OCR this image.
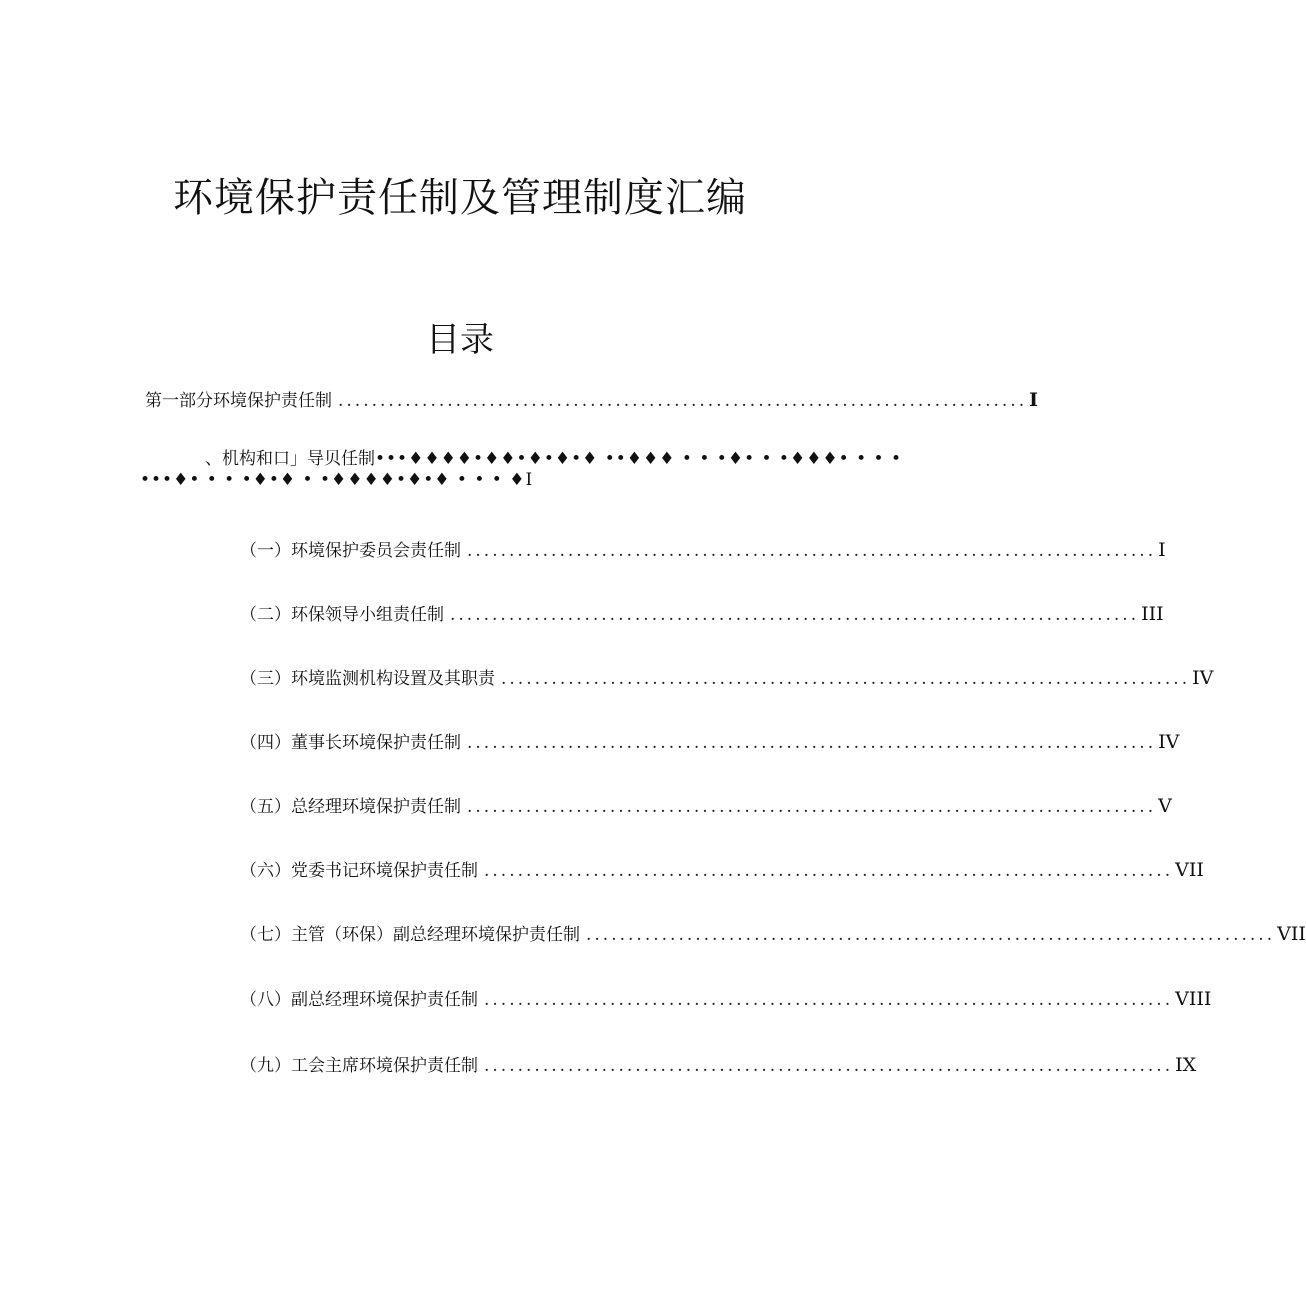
环境保护责任制及管理制度汇编
目录
第一部分环境保护责任制 .................................................................................. I
、机构和口」导贝任制•••♦♦♦♦•♦♦•♦•♦•♦ ••♦♦♦ • • •♦• • •♦♦♦• • • •
•••♦• • • •♦•♦ • •♦♦♦♦•♦•♦ • • • ♦I
（一）环境保护委员会责任制 .................................................................................. I
（二）环保领导小组责任制 .................................................................................. III
（三）环境监测机构设置及其职责 .................................................................................. IV
（四）董事长环境保护责任制 .................................................................................. IV
（五）总经理环境保护责任制 .................................................................................. V
（六）党委书记环境保护责任制 .................................................................................. VII
（七）主管（环保）副总经理环境保护责任制 .................................................................................. VII
（八）副总经理环境保护责任制 .................................................................................. VIII
（九）工会主席环境保护责任制 .................................................................................. IX
